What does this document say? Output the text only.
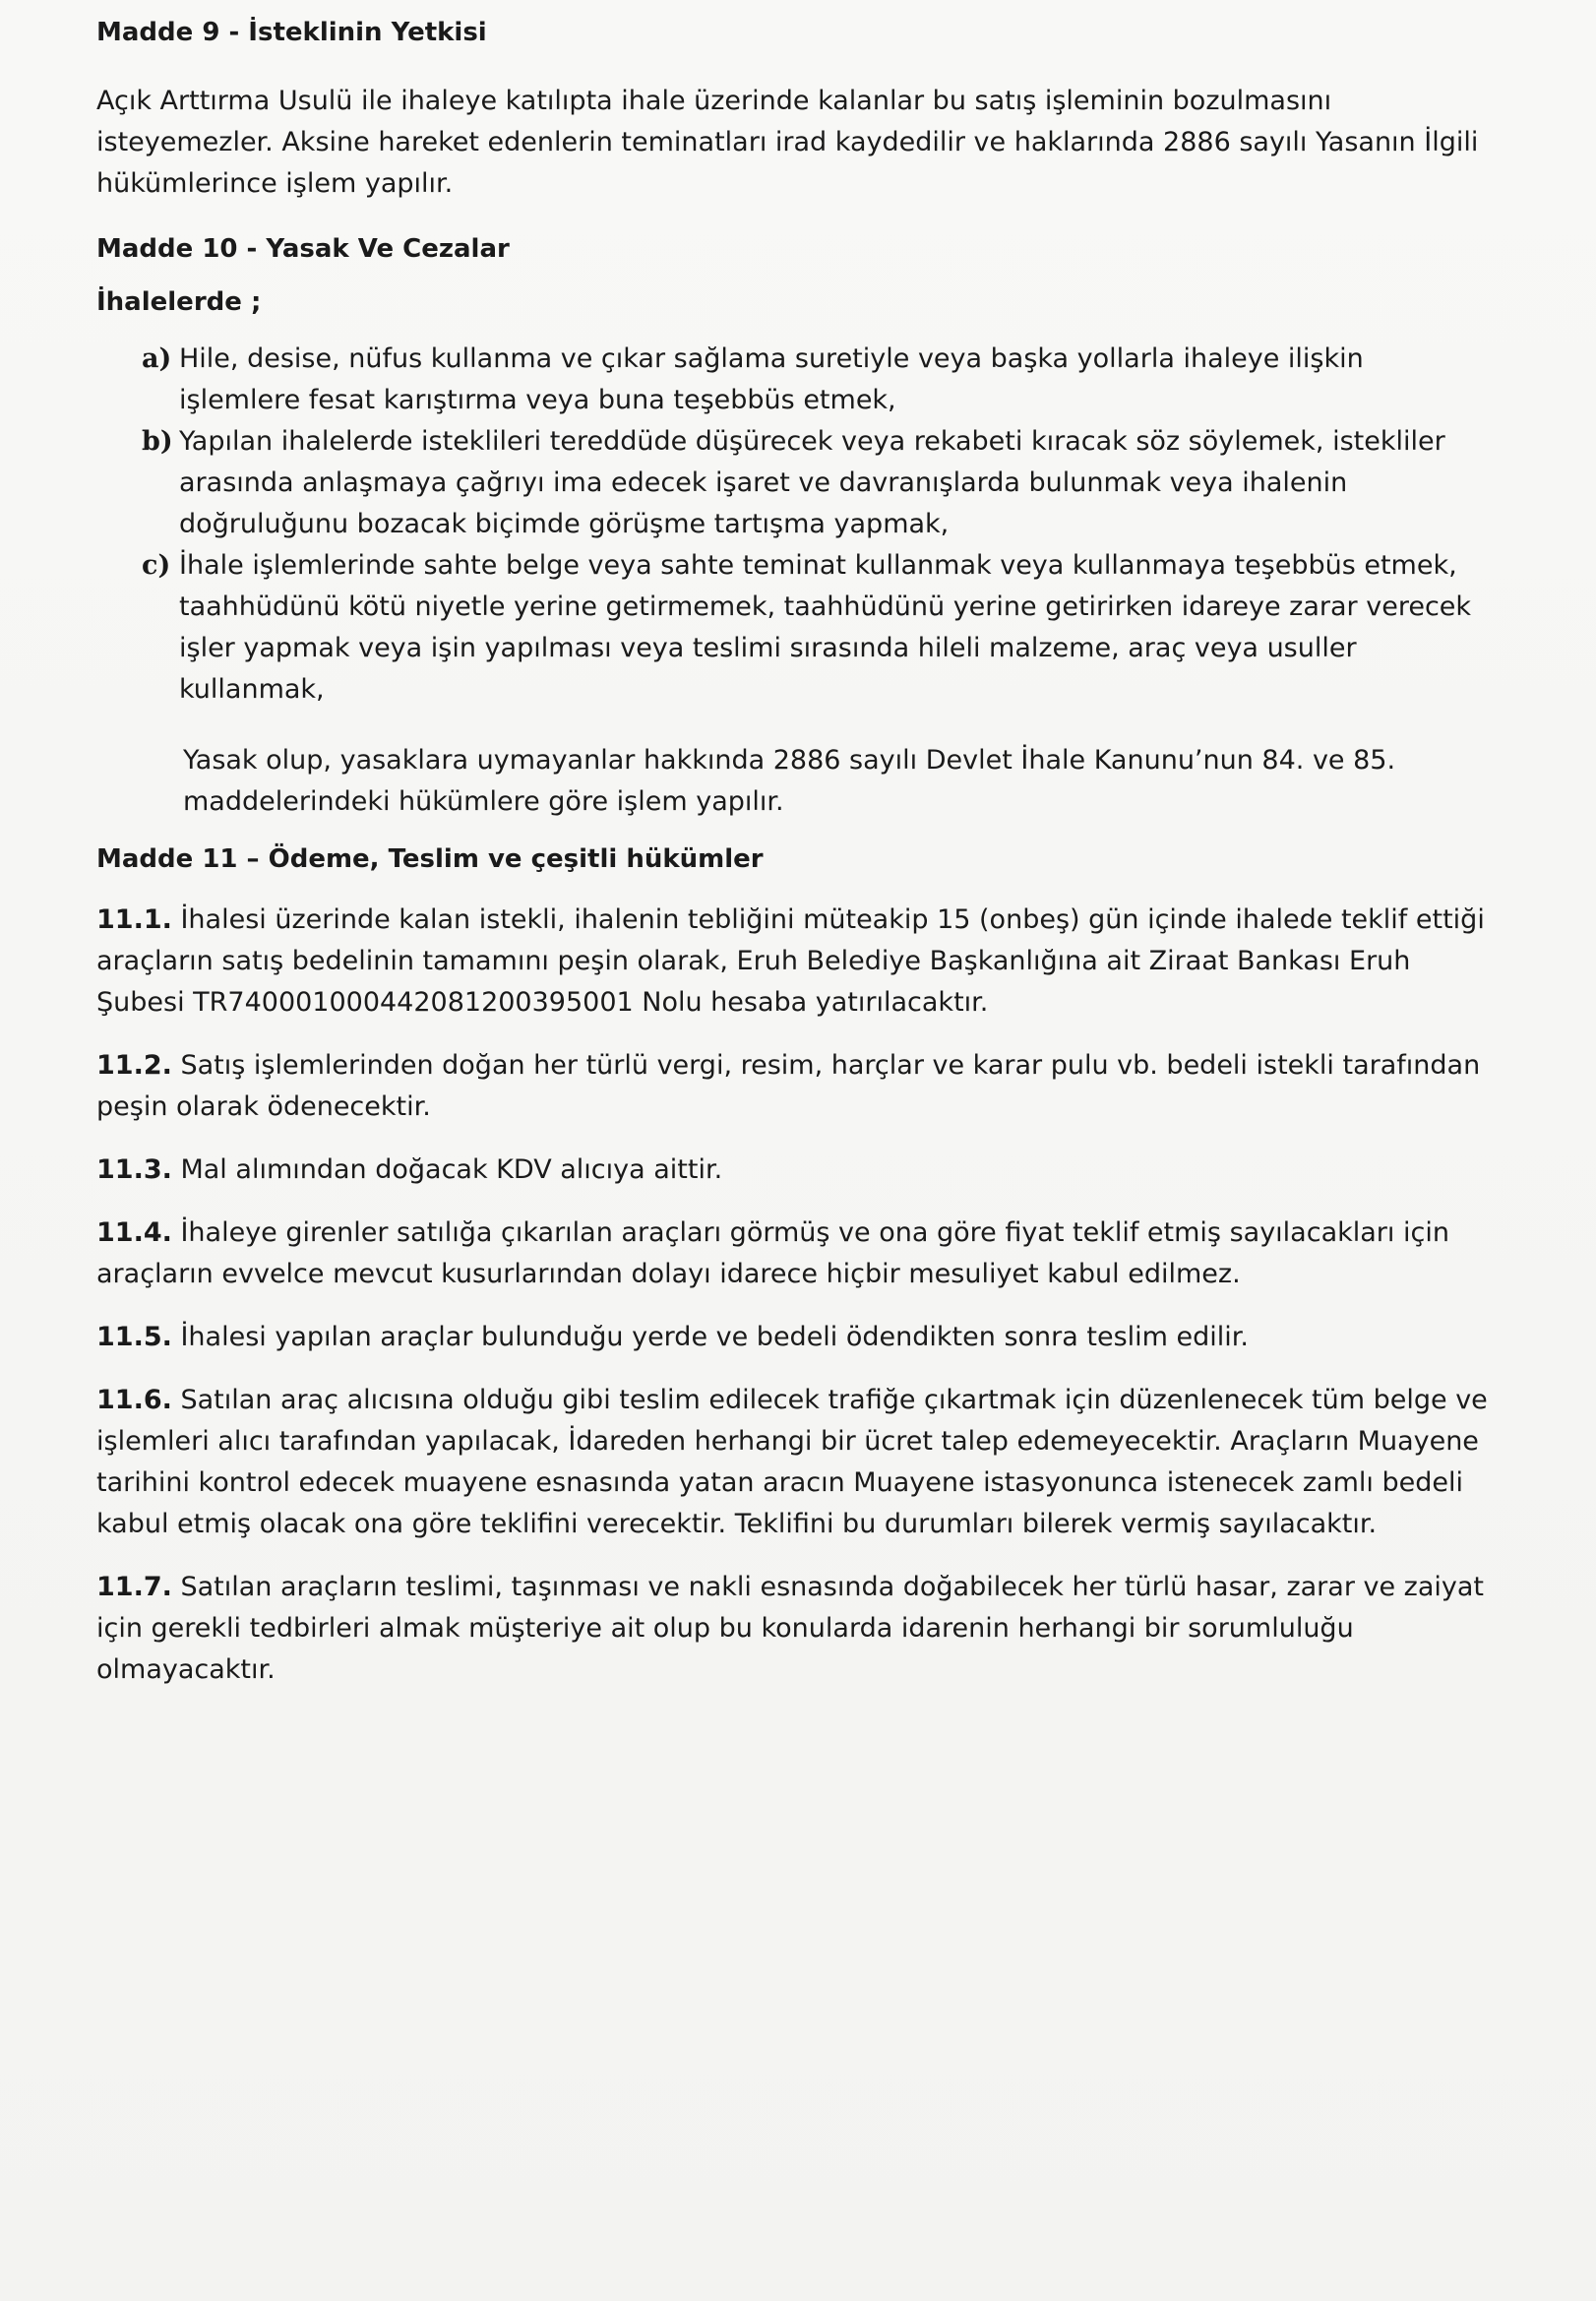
Madde 9 - İsteklinin Yetkisi

Açık Arttırma Usulü ile ihaleye katılıpta ihale üzerinde kalanlar bu satış işleminin bozulmasını isteyemezler. Aksine hareket edenlerin teminatları irad kaydedilir ve haklarında 2886 sayılı Yasanın İlgili hükümlerince işlem yapılır.

Madde 10 - Yasak Ve Cezalar
İhalelerde ;
a) Hile, desise, nüfus kullanma ve çıkar sağlama suretiyle veya başka yollarla ihaleye ilişkin işlemlere fesat karıştırma veya buna teşebbüs etmek,
b) Yapılan ihalelerde isteklileri tereddüde düşürecek veya rekabeti kıracak söz söylemek, istekliler arasında anlaşmaya çağrıyı ima edecek işaret ve davranışlarda bulunmak veya ihalenin doğruluğunu bozacak biçimde görüşme tartışma yapmak,
c) İhale işlemlerinde sahte belge veya sahte teminat kullanmak veya kullanmaya teşebbüs etmek, taahhüdünü kötü niyetle yerine getirmemek, taahhüdünü yerine getirirken idareye zarar verecek işler yapmak veya işin yapılması veya teslimi sırasında hileli malzeme, araç veya usuller kullanmak,

Yasak olup, yasaklara uymayanlar hakkında 2886 sayılı Devlet İhale Kanunu’nun 84. ve 85. maddelerindeki hükümlere göre işlem yapılır.

Madde 11 – Ödeme, Teslim ve çeşitli hükümler

11.1. İhalesi üzerinde kalan istekli, ihalenin tebliğini müteakip 15 (onbeş) gün içinde ihalede teklif ettiği araçların satış bedelinin tamamını peşin olarak, Eruh Belediye Başkanlığına ait Ziraat Bankası Eruh Şubesi TR740001000442081200395001 Nolu hesaba yatırılacaktır.

11.2. Satış işlemlerinden doğan her türlü vergi, resim, harçlar ve karar pulu vb. bedeli istekli tarafından peşin olarak ödenecektir.

11.3. Mal alımından doğacak KDV alıcıya aittir.

11.4. İhaleye girenler satılığa çıkarılan araçları görmüş ve ona göre fiyat teklif etmiş sayılacakları için araçların evvelce mevcut kusurlarından dolayı idarece hiçbir mesuliyet kabul edilmez.

11.5. İhalesi yapılan araçlar bulunduğu yerde ve bedeli ödendikten sonra teslim edilir.

11.6. Satılan araç alıcısına olduğu gibi teslim edilecek trafiğe çıkartmak için düzenlenecek tüm belge ve işlemleri alıcı tarafından yapılacak, İdareden herhangi bir ücret talep edemeyecektir. Araçların Muayene tarihini kontrol edecek muayene esnasında yatan aracın Muayene istasyonunca istenecek zamlı bedeli kabul etmiş olacak ona göre teklifini verecektir. Teklifini bu durumları bilerek vermiş sayılacaktır.

11.7. Satılan araçların teslimi, taşınması ve nakli esnasında doğabilecek her türlü hasar, zarar ve zaiyat için gerekli tedbirleri almak müşteriye ait olup bu konularda idarenin herhangi bir sorumluluğu olmayacaktır.
